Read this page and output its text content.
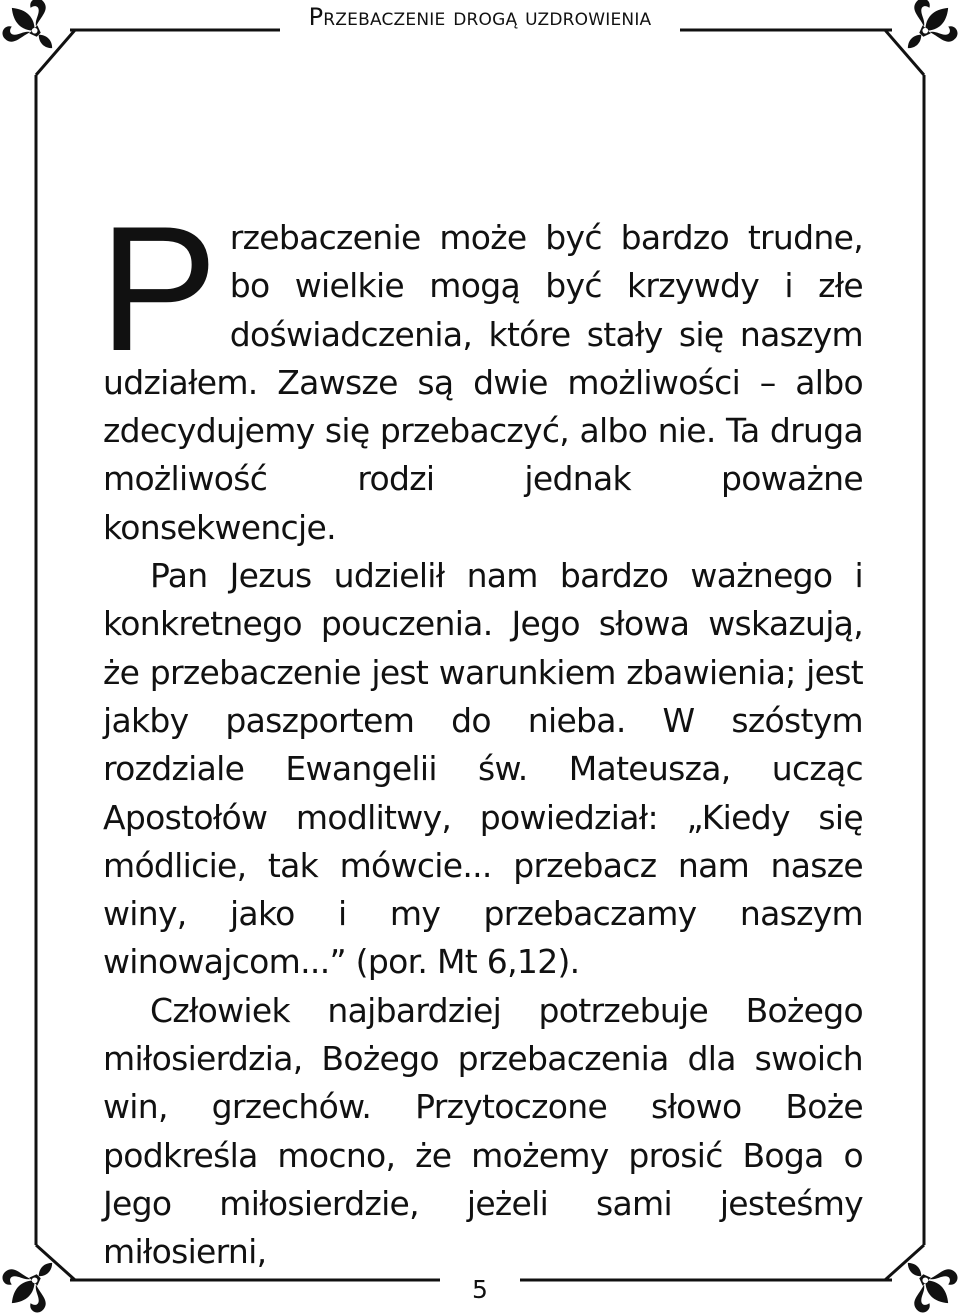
Przebaczenie drogą uzdrowienia

Przebaczenie może być bardzo trudne, bo wielkie mogą być krzywdy i złe doświadczenia, które stały się naszym udziałem. Zawsze są dwie możliwości – albo zdecydujemy się przebaczyć, albo nie. Ta druga możliwość rodzi jednak poważne konsekwencje.

Pan Jezus udzielił nam bardzo ważnego i konkretnego pouczenia. Jego słowa wskazują, że przebaczenie jest warunkiem zbawienia; jest jakby paszportem do nieba. W szóstym rozdziale Ewangelii św. Mateusza, ucząc Apostołów modlitwy, powiedział: „Kiedy się módlicie, tak mówcie... przebacz nam nasze winy, jako i my przebaczamy naszym winowajcom...” (por. Mt 6,12).

Człowiek najbardziej potrzebuje Bożego miłosierdzia, Bożego przebaczenia dla swoich win, grzechów. Przytoczone słowo Boże podkreśla mocno, że możemy prosić Boga o Jego miłosierdzie, jeżeli sami jesteśmy miłosierni,

5
